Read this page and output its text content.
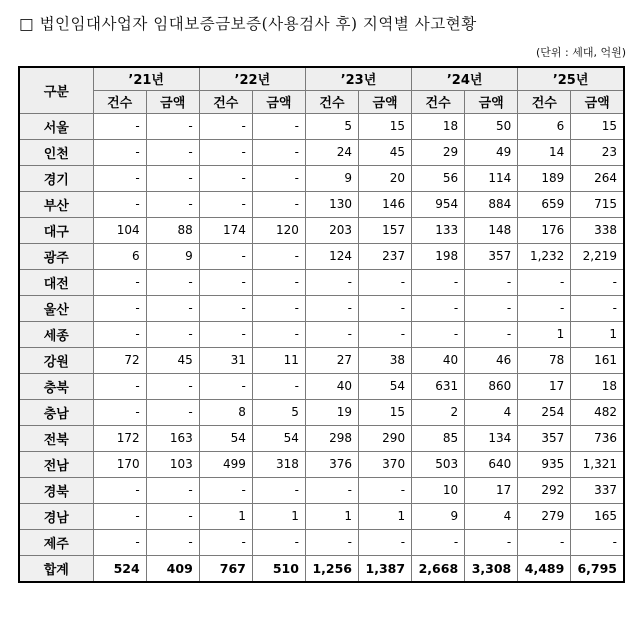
□ 법인임대사업자 임대보증금보증(사용검사 후) 지역별 사고현황
(단위 : 세대, 억원)
구분	’21년		’22년		’23년		’24년		’25년	
	건수	금액	건수	금액	건수	금액	건수	금액	건수	금액
서울	-	-	-	-	5	15	18	50	6	15
인천	-	-	-	-	24	45	29	49	14	23
경기	-	-	-	-	9	20	56	114	189	264
부산	-	-	-	-	130	146	954	884	659	715
대구	104	88	174	120	203	157	133	148	176	338
광주	6	9	-	-	124	237	198	357	1,232	2,219
대전	-	-	-	-	-	-	-	-	-	-
울산	-	-	-	-	-	-	-	-	-	-
세종	-	-	-	-	-	-	-	-	1	1
강원	72	45	31	11	27	38	40	46	78	161
충북	-	-	-	-	40	54	631	860	17	18
충남	-	-	8	5	19	15	2	4	254	482
전북	172	163	54	54	298	290	85	134	357	736
전남	170	103	499	318	376	370	503	640	935	1,321
경북	-	-	-	-	-	-	10	17	292	337
경남	-	-	1	1	1	1	9	4	279	165
제주	-	-	-	-	-	-	-	-	-	-
합계	524	409	767	510	1,256	1,387	2,668	3,308	4,489	6,795
